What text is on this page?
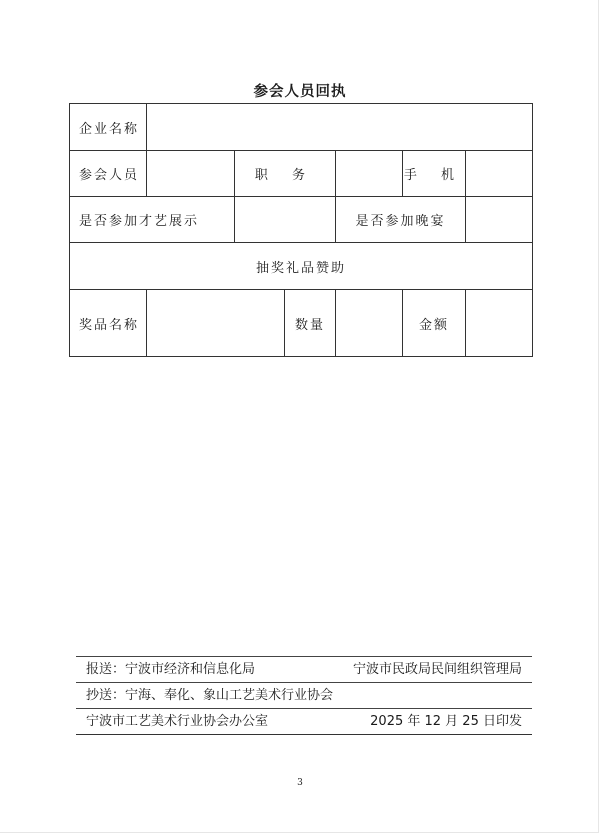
参会人员回执
企业名称						
参会人员		职 务			手 机	
是否参加才艺展示				是否参加晚宴		
抽奖礼品赞助						
奖品名称			数量		金额	
报送：宁波市经济和信息化局	宁波市民政局民间组织管理局
抄送：宁海、奉化、象山工艺美术行业协会
宁波市工艺美术行业协会办公室	2025 年 12 月 25 日印发
3
